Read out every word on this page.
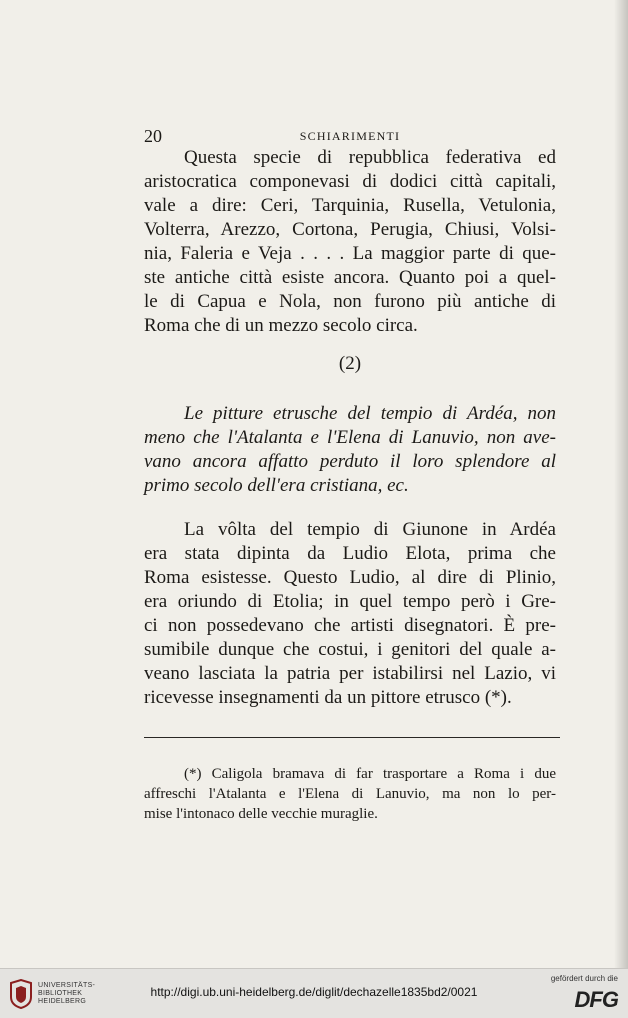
20	SCHIARIMENTI
Questa specie di repubblica federativa ed
aristocratica componevasi di dodici città capitali,
vale a dire: Ceri, Tarquinia, Rusella, Vetulonia,
Volterra, Arezzo, Cortona, Perugia, Chiusi, Volsi-
nia, Faleria e Veja . . . . La maggior parte di que-
ste antiche città esiste ancora. Quanto poi a quel-
le di Capua e Nola, non furono più antiche di
Roma che di un mezzo secolo circa.
(2)
Le pitture etrusche del tempio di Ardéa, non
meno che l'Atalanta e l'Elena di Lanuvio, non ave-
vano ancora affatto perduto il loro splendore al
primo secolo dell'era cristiana, ec.
La vôlta del tempio di Giunone in Ardéa
era stata dipinta da Ludio Elota, prima che
Roma esistesse. Questo Ludio, al dire di Plinio,
era oriundo di Etolia; in quel tempo però i Gre-
ci non possedevano che artisti disegnatori. È pre-
sumibile dunque che costui, i genitori del quale a-
veano lasciata la patria per istabilirsi nel Lazio, vi
ricevesse insegnamenti da un pittore etrusco (*).
(*) Caligola bramava di far trasportare a Roma i due
affreschi l'Atalanta e l'Elena di Lanuvio, ma non lo per-
mise l'intonaco delle vecchie muraglie.
UNIVERSITÄTS-
BIBLIOTHEK
HEIDELBERG
http://digi.ub.uni-heidelberg.de/diglit/dechazelle1835bd2/0021
gefördert durch die
DFG
